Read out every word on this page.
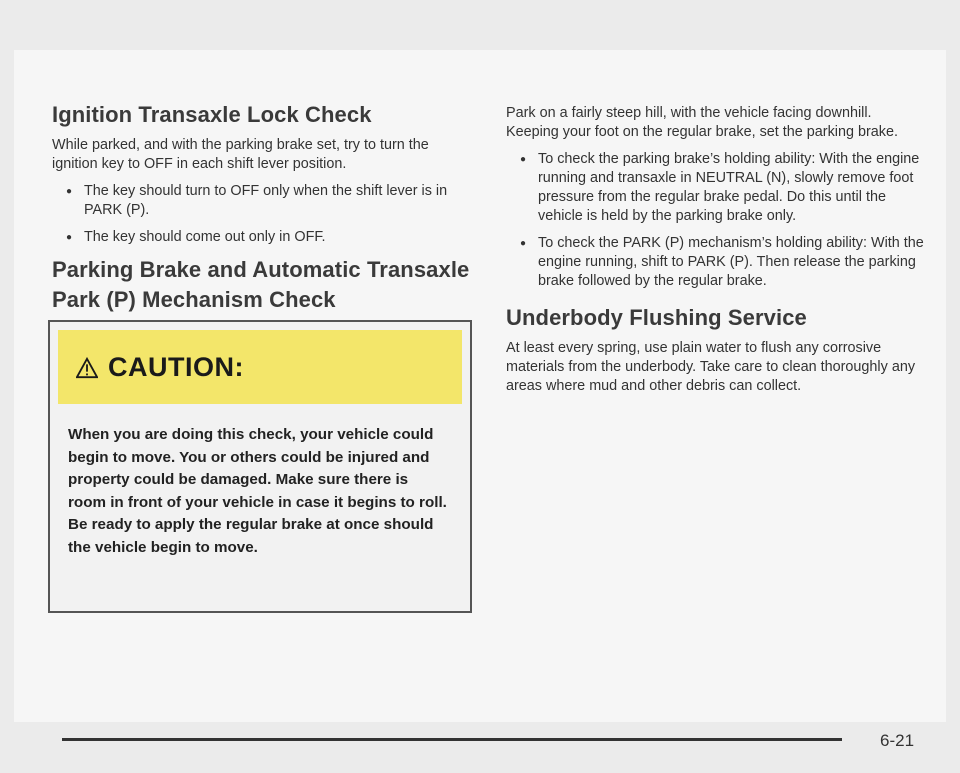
Ignition Transaxle Lock Check

While parked, and with the parking brake set, try to turn the ignition key to OFF in each shift lever position.

● The key should turn to OFF only when the shift lever is in PARK (P).
● The key should come out only in OFF.
Parking Brake and Automatic Transaxle
Park (P) Mechanism Check
CAUTION:
When you are doing this check, your vehicle could begin to move. You or others could be injured and property could be damaged. Make sure there is room in front of your vehicle in case it begins to roll. Be ready to apply the regular brake at once should the vehicle begin to move.

Park on a fairly steep hill, with the vehicle facing downhill. Keeping your foot on the regular brake, set the parking brake.

● To check the parking brake’s holding ability: With the engine running and transaxle in NEUTRAL (N), slowly remove foot pressure from the regular brake pedal. Do this until the vehicle is held by the parking brake only.
● To check the PARK (P) mechanism’s holding ability: With the engine running, shift to PARK (P). Then release the parking brake followed by the regular brake.
Underbody Flushing Service

At least every spring, use plain water to flush any corrosive materials from the underbody. Take care to clean thoroughly any areas where mud and other debris can collect.

6-21
